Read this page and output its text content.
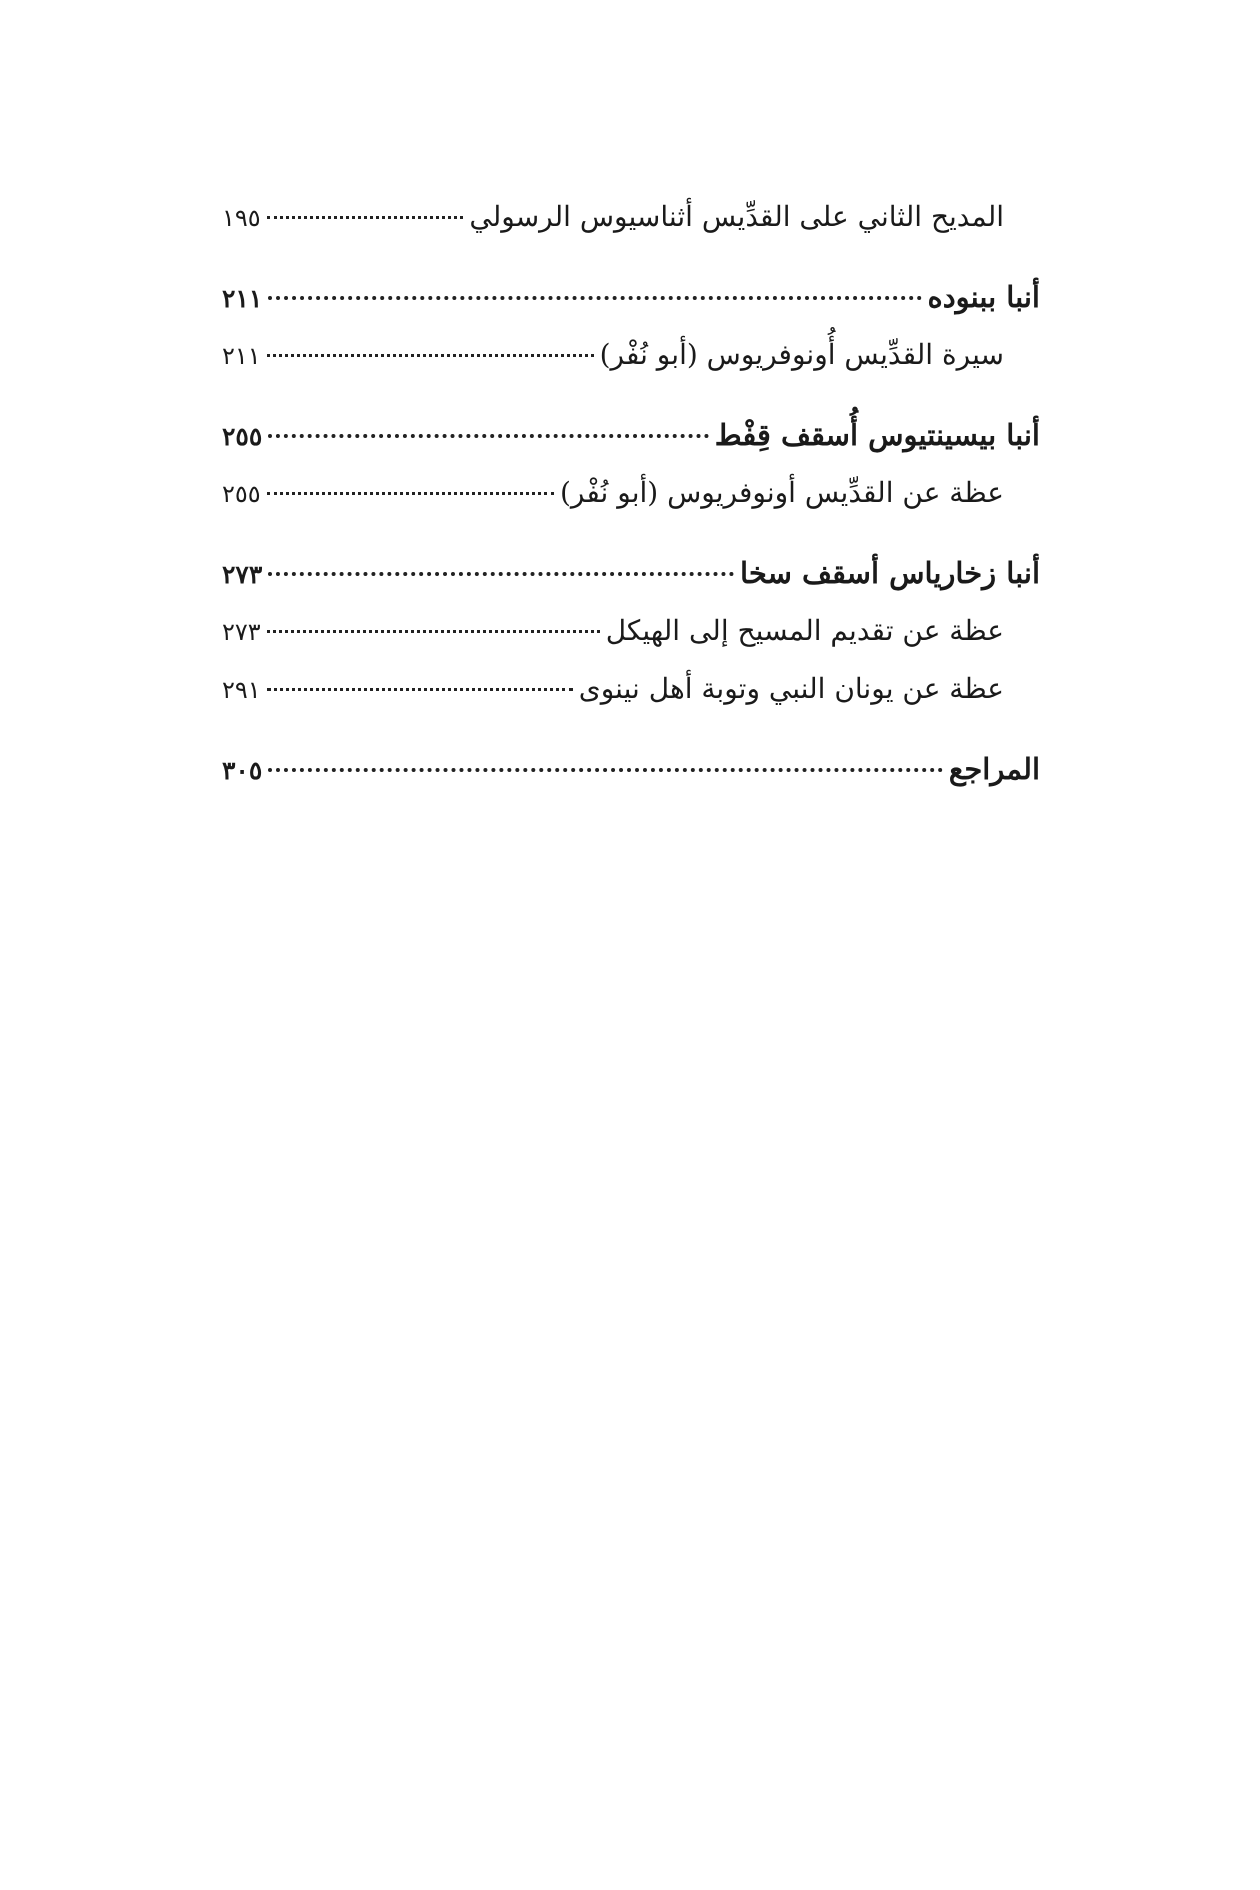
المديح الثاني على القدِّيس أثناسيوس الرسولي
١٩٥
أنبا ببنوده
٢١١
سيرة القدِّيس أُونوفريوس (أبو نُفْر)
٢١١
أنبا بيسينتيوس أُسقف قِفْط
٢٥٥
عظة عن القدِّيس أونوفريوس (أبو نُفْر)
٢٥٥
أنبا زخارياس أسقف سخا
٢٧٣
عظة عن تقديم المسيح إلى الهيكل
٢٧٣
عظة عن يونان النبي وتوبة أهل نينوى
٢٩١
المراجع
٣٠٥
